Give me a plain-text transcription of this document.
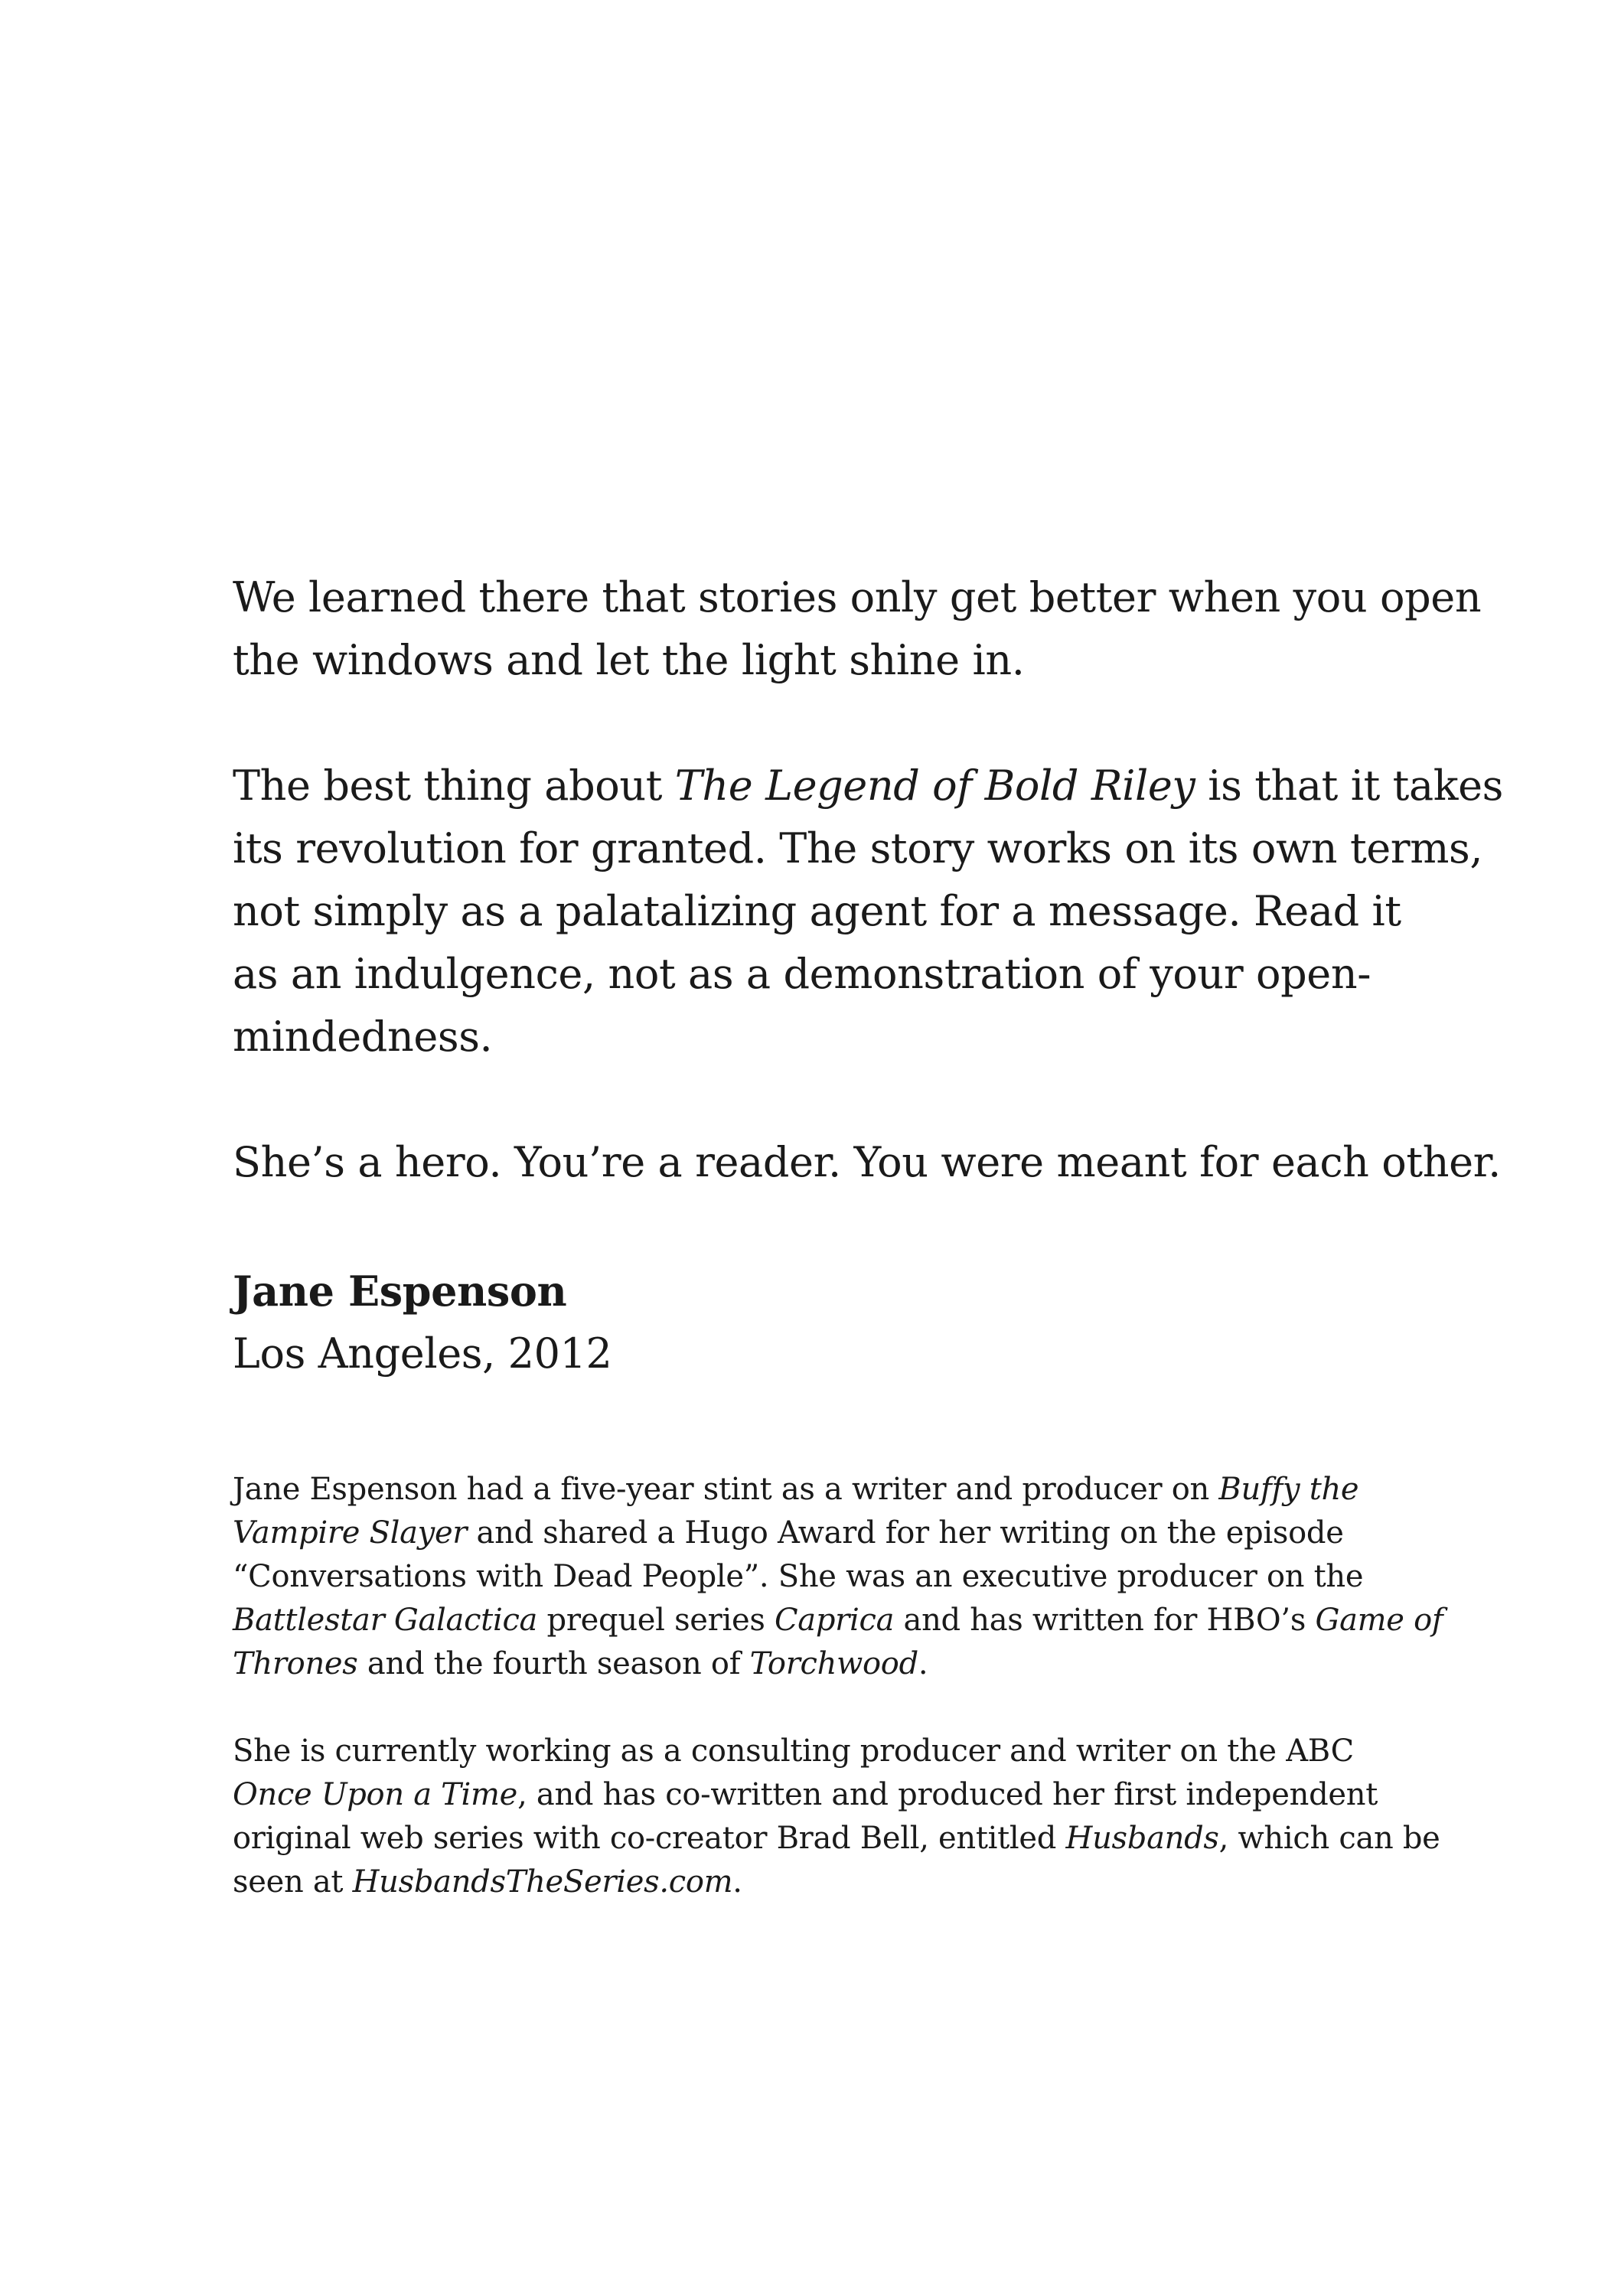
We learned there that stories only get better when you open
the windows and let the light shine in.

The best thing about The Legend of Bold Riley is that it takes
its revolution for granted. The story works on its own terms,
not simply as a palatalizing agent for a message. Read it
as an indulgence, not as a demonstration of your open-
mindedness.

She’s a hero. You’re a reader. You were meant for each other.

Jane Espenson

Los Angeles, 2012

Jane Espenson had a five-year stint as a writer and producer on Buffy the
Vampire Slayer and shared a Hugo Award for her writing on the episode
“Conversations with Dead People”. She was an executive producer on the
Battlestar Galactica prequel series Caprica and has written for HBO’s Game of
Thrones and the fourth season of Torchwood.

She is currently working as a consulting producer and writer on the ABC
Once Upon a Time, and has co-written and produced her first independent
original web series with co-creator Brad Bell, entitled Husbands, which can be
seen at HusbandsTheSeries.com.
